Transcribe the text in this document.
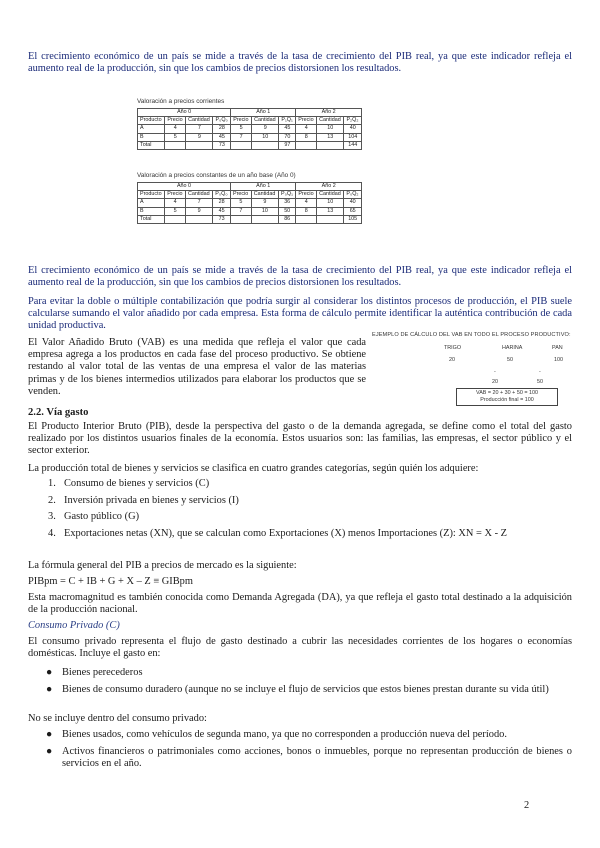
El crecimiento económico de un país se mide a través de la tasa de crecimiento del PIB real, ya que este indicador refleja el aumento real de la producción, sin que los cambios de precios distorsionen los resultados.

Valoración a precios corrientes
Año 0				Año 1			Año 2		
Producto	Precio	Cantidad	P₀Q₀	Precio	Cantidad	P₁Q₁	Precio	Cantidad	P₂Q₂
A	4	7	28	5	9	45	4	10	40
B	5	9	45	7	10	70	8	13	104
Total			73			97			144
Valoración a precios constantes de un año base (Año 0)
Año 0				Año 1			Año 2		
Producto	Precio	Cantidad	P₀Q₀	Precio	Cantidad	P₀Q₁	Precio	Cantidad	P₀Q₂
A	4	7	28	5	9	36	4	10	40
B	5	9	45	7	10	50	8	13	65
Total			73			86			105

El crecimiento económico de un país se mide a través de la tasa de crecimiento del PIB real, ya que este indicador refleja el aumento real de la producción, sin que los cambios de precios distorsionen los resultados.

Para evitar la doble o múltiple contabilización que podría surgir al considerar los distintos procesos de producción, el PIB suele calcularse sumando el valor añadido por cada empresa. Esta forma de cálculo permite identificar la auténtica contribución de cada unidad productiva.

El Valor Añadido Bruto (VAB) es una medida que refleja el valor que cada empresa agrega a los productos en cada fase del proceso productivo. Se obtiene restando al valor total de las ventas de una empresa el valor de las materias primas y de los bienes intermedios utilizados para elaborar los productos que se venden.

EJEMPLO DE CÁLCULO DEL VAB EN TODO EL PROCESO PRODUCTIVO:
TRIGO	HARINA	PAN
20	50	100
-	-
20	50
VAB = 20 + 30 + 50 = 100
Producción final = 100
2.2. Vía gasto

El Producto Interior Bruto (PIB), desde la perspectiva del gasto o de la demanda agregada, se define como el total del gasto realizado por los distintos usuarios finales de la economía. Estos usuarios son: las familias, las empresas, el sector público y el sector exterior.

La producción total de bienes y servicios se clasifica en cuatro grandes categorías, según quién los adquiere:

1. Consumo de bienes y servicios (C)
2. Inversión privada en bienes y servicios (I)
3. Gasto público (G)
4. Exportaciones netas (XN), que se calculan como Exportaciones (X) menos Importaciones (Z): XN = X - Z

La fórmula general del PIB a precios de mercado es la siguiente:

PIBpm = C + IB + G + X – Z ≡ GIBpm

Esta macromagnitud es también conocida como Demanda Agregada (DA), ya que refleja el gasto total destinado a la adquisición de la producción nacional.

Consumo Privado (C)

El consumo privado representa el flujo de gasto destinado a cubrir las necesidades corrientes de los hogares o economías domésticas. Incluye el gasto en:

● Bienes perecederos
● Bienes de consumo duradero (aunque no se incluye el flujo de servicios que estos bienes prestan durante su vida útil)

No se incluye dentro del consumo privado:

● Bienes usados, como vehículos de segunda mano, ya que no corresponden a producción nueva del período.
● Activos financieros o patrimoniales como acciones, bonos o inmuebles, porque no representan producción de bienes o servicios en el año.
2
